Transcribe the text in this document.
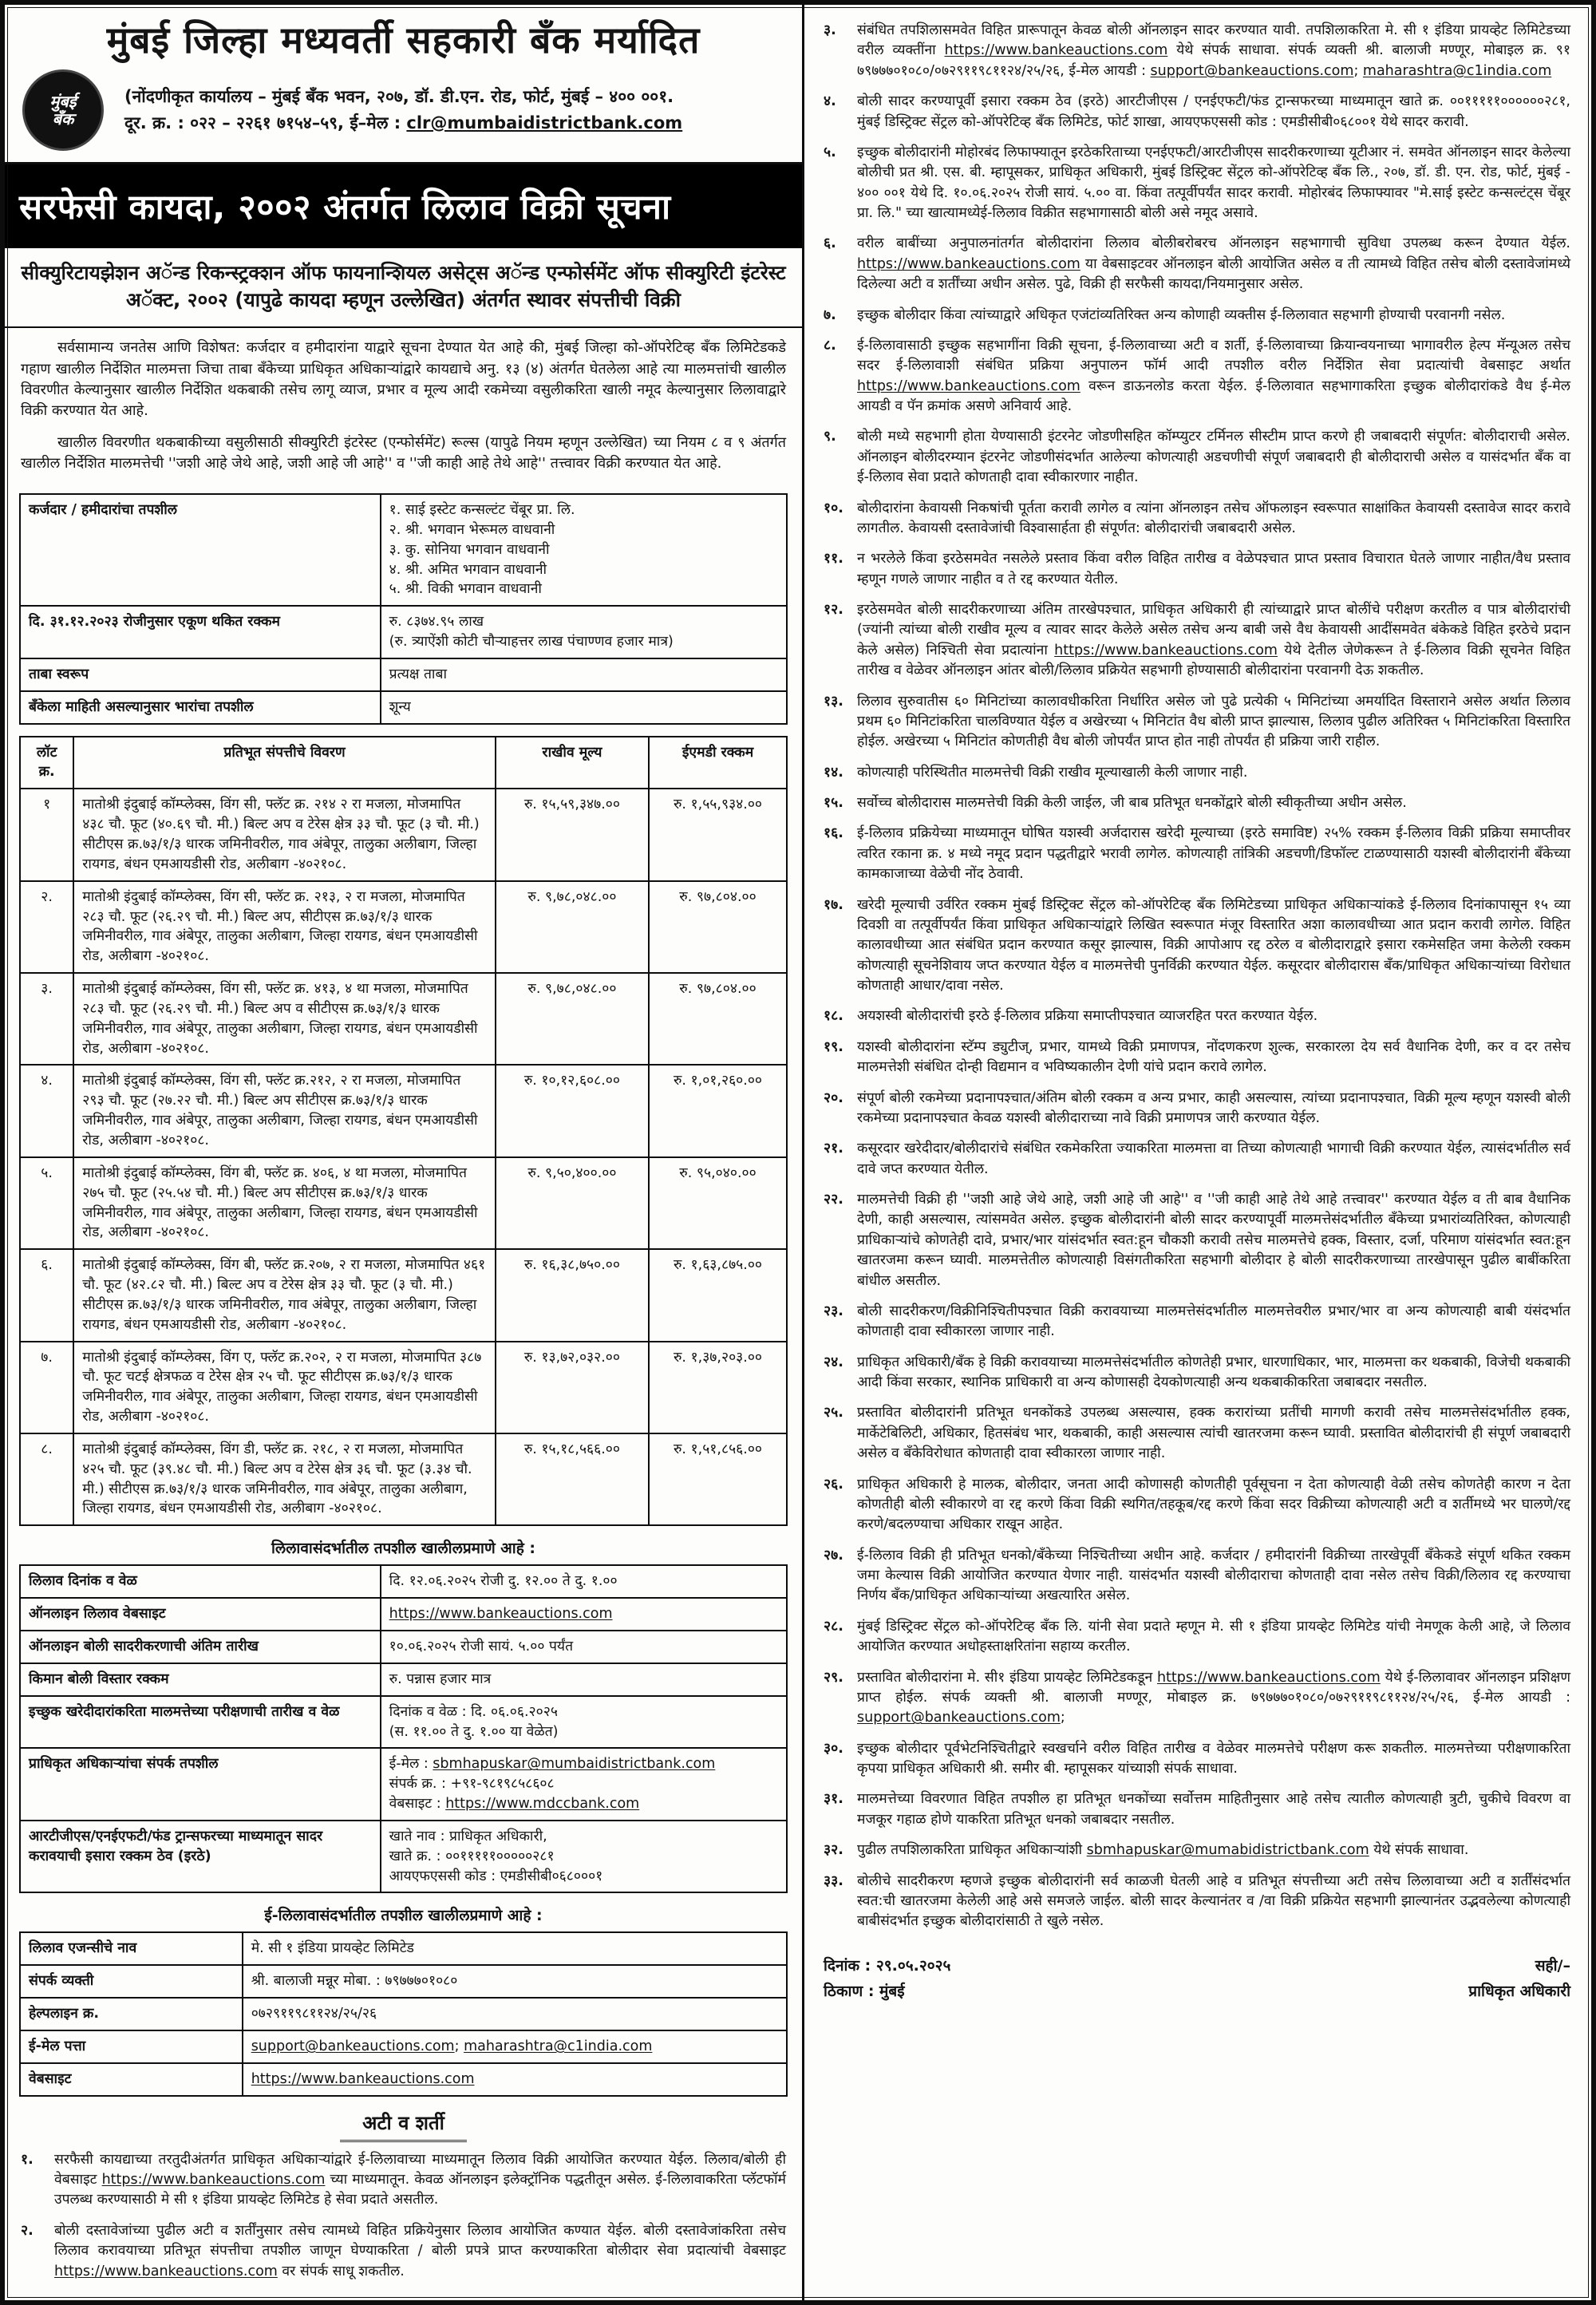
मुंबई जिल्हा मध्यवर्ती सहकारी बँक मर्यादित
मुंबई
बँक
(नोंदणीकृत कार्यालय – मुंबई बँक भवन, २०७, डॉ. डी.एन. रोड, फोर्ट, मुंबई – ४०० ००१.
दूर. क्र. : ०२२ – २२६१ ७१५४–५९, ई–मेल : clr@mumbaidistrictbank.com
सरफेसी कायदा, २००२ अंतर्गत लिलाव विक्री सूचना
सीक्युरिटायझेशन अॅन्ड रिकन्स्ट्रक्शन ऑफ फायनान्शियल असेट्स अॅन्ड एन्फोर्समेंट ऑफ सीक्युरिटी इंटरेस्ट अॅक्ट, २००२ (यापुढे कायदा म्हणून उल्लेखित) अंतर्गत स्थावर संपत्तीची विक्री

सर्वसामान्य जनतेस आणि विशेषत: कर्जदार व हमीदारांना याद्वारे सूचना देण्यात येत आहे की, मुंबई जिल्हा को-ऑपरेटिव्ह बँक लिमिटेडकडे गहाण खालील निर्देशित मालमत्ता जिचा ताबा बँकेच्या प्राधिकृत अधिकाऱ्यांद्वारे कायद्याचे अनु. १३ (४) अंतर्गत घेतलेला आहे त्या मालमत्तांची खालील विवरणीत केल्यानुसार खालील निर्देशित थकबाकी तसेच लागू व्याज, प्रभार व मूल्य आदी रकमेच्या वसुलीकरिता खाली नमूद केल्यानुसार लिलावाद्वारे विक्री करण्यात येत आहे.

खालील विवरणीत थकबाकीच्या वसुलीसाठी सीक्युरिटी इंटरेस्ट (एन्फोर्समेंट) रूल्स (यापुढे नियम म्हणून उल्लेखित) च्या नियम ८ व ९ अंतर्गत खालील निर्देशित मालमत्तेची ''जशी आहे जेथे आहे, जशी आहे जी आहे'' व ''जी काही आहे तेथे आहे'' तत्त्वावर विक्री करण्यात येत आहे.

कर्जदार / हमीदारांचा तपशील	१. साई इस्टेट कन्सल्टंट चेंबूर प्रा. लि.
२. श्री. भगवान भेरूमल वाधवानी
३. कु. सोनिया भगवान वाधवानी
४. श्री. अमित भगवान वाधवानी
५. श्री. विकी भगवान वाधवानी
दि. ३१.१२.२०२३ रोजीनुसार एकूण थकित रक्कम	रु. ८३७४.९५ लाख
(रु. त्र्याऐंशी कोटी चौऱ्याहत्तर लाख पंचाण्णव हजार मात्र)
ताबा स्वरूप	प्रत्यक्ष ताबा
बँकेला माहिती असल्यानुसार भारांचा तपशील	शून्य
लॉट क्र.	प्रतिभूत संपत्तीचे विवरण	राखीव मूल्य	ईएमडी रक्कम
१	मातोश्री इंदुबाई कॉम्प्लेक्स, विंग सी, फ्लॅट क्र. २१४ २ रा मजला, मोजमापित ४३८ चौ. फूट (४०.६९ चौ. मी.) बिल्ट अप व टेरेस क्षेत्र ३३ चौ. फूट (३ चौ. मी.) सीटीएस क्र.७३/१/३ धारक जमिनीवरील, गाव अंबेपूर, तालुका अलीबाग, जिल्हा रायगड, बंधन एमआयडीसी रोड, अलीबाग -४०२१०८.	रु. १५,५९,३४७.००	रु. १,५५,९३४.००
२.	मातोश्री इंदुबाई कॉम्प्लेक्स, विंग सी, फ्लॅट क्र. २१३, २ रा मजला, मोजमापित २८३ चौ. फूट (२६.२९ चौ. मी.) बिल्ट अप, सीटीएस क्र.७३/१/३ धारक जमिनीवरील, गाव अंबेपूर, तालुका अलीबाग, जिल्हा रायगड, बंधन एमआयडीसी रोड, अलीबाग -४०२१०८.	रु. ९,७८,०४८.००	रु. ९७,८०४.००
३.	मातोश्री इंदुबाई कॉम्प्लेक्स, विंग सी, फ्लॅट क्र. ४१३, ४ था मजला, मोजमापित २८३ चौ. फूट (२६.२९ चौ. मी.) बिल्ट अप व सीटीएस क्र.७३/१/३ धारक जमिनीवरील, गाव अंबेपूर, तालुका अलीबाग, जिल्हा रायगड, बंधन एमआयडीसी रोड, अलीबाग -४०२१०८.	रु. ९,७८,०४८.००	रु. ९७,८०४.००
४.	मातोश्री इंदुबाई कॉम्प्लेक्स, विंग सी, फ्लॅट क्र.२१२, २ रा मजला, मोजमापित २९३ चौ. फूट (२७.२२ चौ. मी.) बिल्ट अप सीटीएस क्र.७३/१/३ धारक जमिनीवरील, गाव अंबेपूर, तालुका अलीबाग, जिल्हा रायगड, बंधन एमआयडीसी रोड, अलीबाग -४०२१०८.	रु. १०,१२,६०८.००	रु. १,०१,२६०.००
५.	मातोश्री इंदुबाई कॉम्प्लेक्स, विंग बी, फ्लॅट क्र. ४०६, ४ था मजला, मोजमापित २७५ चौ. फूट (२५.५४ चौ. मी.) बिल्ट अप सीटीएस क्र.७३/१/३ धारक जमिनीवरील, गाव अंबेपूर, तालुका अलीबाग, जिल्हा रायगड, बंधन एमआयडीसी रोड, अलीबाग -४०२१०८.	रु. ९,५०,४००.००	रु. ९५,०४०.००
६.	मातोश्री इंदुबाई कॉम्प्लेक्स, विंग बी, फ्लॅट क्र.२०७, २ रा मजला, मोजमापित ४६१ चौ. फूट (४२.८२ चौ. मी.) बिल्ट अप व टेरेस क्षेत्र ३३ चौ. फूट (३ चौ. मी.) सीटीएस क्र.७३/१/३ धारक जमिनीवरील, गाव अंबेपूर, तालुका अलीबाग, जिल्हा रायगड, बंधन एमआयडीसी रोड, अलीबाग -४०२१०८.	रु. १६,३८,७५०.००	रु. १,६३,८७५.००
७.	मातोश्री इंदुबाई कॉम्प्लेक्स, विंग ए, फ्लॅट क्र.२०२, २ रा मजला, मोजमापित ३८७ चौ. फूट चटई क्षेत्रफळ व टेरेस क्षेत्र २५ चौ. फूट सीटीएस क्र.७३/१/३ धारक जमिनीवरील, गाव अंबेपूर, तालुका अलीबाग, जिल्हा रायगड, बंधन एमआयडीसी रोड, अलीबाग -४०२१०८.	रु. १३,७२,०३२.००	रु. १,३७,२०३.००
८.	मातोश्री इंदुबाई कॉम्प्लेक्स, विंग डी, फ्लॅट क्र. २१८, २ रा मजला, मोजमापित ४२५ चौ. फूट (३९.४८ चौ. मी.) बिल्ट अप व टेरेस क्षेत्र ३६ चौ. फूट (३.३४ चौ. मी.) सीटीएस क्र.७३/१/३ धारक जमिनीवरील, गाव अंबेपूर, तालुका अलीबाग, जिल्हा रायगड, बंधन एमआयडीसी रोड, अलीबाग -४०२१०८.	रु. १५,१८,५६६.००	रु. १,५१,८५६.००
लिलावासंदर्भातील तपशील खालीलप्रमाणे आहे :
लिलाव दिनांक व वेळ	दि. १२.०६.२०२५ रोजी दु. १२.०० ते दु. १.००
ऑनलाइन लिलाव वेबसाइट	https://www.bankeauctions.com
ऑनलाइन बोली सादरीकरणाची अंतिम तारीख	१०.०६.२०२५ रोजी सायं. ५.०० पर्यंत
किमान बोली विस्तार रक्कम	रु. पन्नास हजार मात्र
इच्छुक खरेदीदारांकरिता मालमत्तेच्या परीक्षणाची तारीख व वेळ	दिनांक व वेळ : दि. ०६.०६.२०२५
(स. ११.०० ते दु. १.०० या वेळेत)
प्राधिकृत अधिकाऱ्यांचा संपर्क तपशील	ई-मेल : sbmhapuskar@mumbaidistrictbank.com
संपर्क क्र. : +९१-९८१९८५८६०८
वेबसाइट : https://www.mdccbank.com
आरटीजीएस/एनईएफटी/फंड ट्रान्सफरच्या माध्यमातून सादर करावयाची इसारा रक्कम ठेव (इरठे)	खाते नाव : प्राधिकृत अधिकारी,
खाते क्र. : ००१११११०००००२८१
आयएफएससी कोड : एमडीसीबी०६८०००१
ई-लिलावासंदर्भातील तपशील खालीलप्रमाणे आहे :
लिलाव एजन्सीचे नाव	मे. सी १ इंडिया प्रायव्हेट लिमिटेड
संपर्क व्यक्ती	श्री. बालाजी मन्नूर मोबा. : ७९७७७०१०८०
हेल्पलाइन क्र.	०७२९११९८११२४/२५/२६
ई-मेल पत्ता	support@bankeauctions.com; maharashtra@c1india.com
वेबसाइट	https://www.bankeauctions.com
अटी व शर्ती
१.	सरफैसी कायद्याच्या तरतुदीअंतर्गत प्राधिकृत अधिकाऱ्यांद्वारे ई-लिलावाच्या माध्यमातून लिलाव विक्री आयोजित करण्यात येईल. लिलाव/बोली ही वेबसाइट https://www.bankeauctions.com च्या माध्यमातून. केवळ ऑनलाइन इलेक्ट्रॉनिक पद्धतीतून असेल. ई-लिलावाकरिता प्लॅटफॉर्म उपलब्ध करण्यासाठी मे सी १ इंडिया प्रायव्हेट लिमिटेड हे सेवा प्रदाते असतील.
२.	बोली दस्तावेजांच्या पुढील अटी व शर्तींनुसार तसेच त्यामध्ये विहित प्रक्रियेनुसार लिलाव आयोजित कण्यात येईल. बोली दस्तावेजांकरिता तसेच लिलाव करावयाच्या प्रतिभूत संपत्तीचा तपशील जाणून घेण्याकरिता / बोली प्रपत्रे प्राप्त करण्याकरिता बोलीदार सेवा प्रदात्यांची वेबसाइट https://www.bankeauctions.com वर संपर्क साधू शकतील.
३.	संबंधित तपशिलासमवेत विहित प्रारूपातून केवळ बोली ऑनलाइन सादर करण्यात यावी. तपशिलाकरिता मे. सी १ इंडिया प्रायव्हेट लिमिटेडच्या वरील व्यक्तींना https://www.bankeauctions.com येथे संपर्क साधावा. संपर्क व्यक्ती श्री. बालाजी मण्णूर, मोबाइल क्र. ९१ ७९७७७०१०८०/०७२९११९८११२४/२५/२६, ई-मेल आयडी : support@bankeauctions.com; maharashtra@c1india.com
४.	बोली सादर करण्यापूर्वी इसारा रक्कम ठेव (इरठे) आरटीजीएस / एनईएफटी/फंड ट्रान्सफरच्या माध्यमातून खाते क्र. ००१११११००००००२८१, मुंबई डिस्ट्रिक्ट सेंट्रल को-ऑपरेटिव्ह बँक लिमिटेड, फोर्ट शाखा, आयएफएससी कोड : एमडीसीबी०६८००१ येथे सादर करावी.
५.	इच्छुक बोलीदारांनी मोहोरबंद लिफाफ्यातून इरठेकरिताच्या एनईएफटी/आरटीजीएस सादरीकरणाच्या यूटीआर नं. समवेत ऑनलाइन सादर केलेल्या बोलीची प्रत श्री. एस. बी. म्हापूसकर, प्राधिकृत अधिकारी, मुंबई डिस्ट्रिक्ट सेंट्रल को-ऑपरेटिव्ह बँक लि., २०७, डॉ. डी. एन. रोड, फोर्ट, मुंबई - ४०० ००१ येथे दि. १०.०६.२०२५ रोजी सायं. ५.०० वा. किंवा तत्पूर्वीपर्यंत सादर करावी. मोहोरबंद लिफाफ्यावर "मे.साई इस्टेट कन्सल्टंट्स चेंबूर प्रा. लि." च्या खात्यामध्येई-लिलाव विक्रीत सहभागासाठी बोली असे नमूद असावे.
६.	वरील बाबींच्या अनुपालनांतर्गत बोलीदारांना लिलाव बोलीबरोबरच ऑनलाइन सहभागाची सुविधा उपलब्ध करून देण्यात येईल. https://www.bankeauctions.com या वेबसाइटवर ऑनलाइन बोली आयोजित असेल व ती त्यामध्ये विहित तसेच बोली दस्तावेजांमध्ये दिलेल्या अटी व शर्तींच्या अधीन असेल. पुढे, विक्री ही सरफैसी कायदा/नियमानुसार असेल.
७.	इच्छुक बोलीदार किंवा त्यांच्याद्वारे अधिकृत एजंटांव्यतिरिक्त अन्य कोणाही व्यक्तीस ई-लिलावात सहभागी होण्याची परवानगी नसेल.
८.	ई-लिलावासाठी इच्छुक सहभागींना विक्री सूचना, ई-लिलावाच्या अटी व शर्ती, ई-लिलावाच्या क्रियान्वयनाच्या भागावरील हेल्प मॅन्यूअल तसेच सदर ई-लिलावाशी संबंधित प्रक्रिया अनुपालन फॉर्म आदी तपशील वरील निर्देशित सेवा प्रदात्यांची वेबसाइट अर्थात https://www.bankeauctions.com वरून डाऊनलोड करता येईल. ई-लिलावात सहभागाकरिता इच्छुक बोलीदारांकडे वैध ई-मेल आयडी व पॅन क्रमांक असणे अनिवार्य आहे.
९.	बोली मध्ये सहभागी होता येण्यासाठी इंटरनेट जोडणीसहित कॉम्प्युटर टर्मिनल सीस्टीम प्राप्त करणे ही जबाबदारी संपूर्णत: बोलीदाराची असेल. ऑनलाइन बोलीदरम्यान इंटरनेट जोडणीसंदर्भात आलेल्या कोणत्याही अडचणीची संपूर्ण जबाबदारी ही बोलीदाराची असेल व यासंदर्भात बँक वा ई-लिलाव सेवा प्रदाते कोणताही दावा स्वीकारणार नाहीत.
१०. बोलीदारांना केवायसी निकषांची पूर्तता करावी लागेल व त्यांना ऑनलाइन तसेच ऑफलाइन स्वरूपात साक्षांकित केवायसी दस्तावेज सादर करावे लागतील. केवायसी दस्तावेजांची विश्वासार्हता ही संपूर्णत: बोलीदारांची जबाबदारी असेल.
११. न भरलेले किंवा इरठेसमवेत नसलेले प्रस्ताव किंवा वरील विहित तारीख व वेळेपश्चात प्राप्त प्रस्ताव विचारात घेतले जाणार नाहीत/वैध प्रस्ताव म्हणून गणले जाणार नाहीत व ते रद्द करण्यात येतील.
१२. इरठेसमवेत बोली सादरीकरणाच्या अंतिम तारखेपश्चात, प्राधिकृत अधिकारी ही त्यांच्याद्वारे प्राप्त बोलींचे परीक्षण करतील व पात्र बोलीदारांची (ज्यांनी त्यांच्या बोली राखीव मूल्य व त्यावर सादर केलेले असेल तसेच अन्य बाबी जसे वैध केवायसी आदींसमवेत बंकेकडे विहित इरठेचे प्रदान केले असेल) निश्चिती सेवा प्रदात्यांना https://www.bankeauctions.com येथे देतील जेणेकरून ते ई-लिलाव विक्री सूचनेत विहित तारीख व वेळेवर ऑनलाइन आंतर बोली/लिलाव प्रक्रियेत सहभागी होण्यासाठी बोलीदारांना परवानगी देऊ शकतील.
१३. लिलाव सुरुवातीस ६० मिनिटांच्या कालावधीकरिता निर्धारित असेल जो पुढे प्रत्येकी ५ मिनिटांच्या अमर्यादित विस्ताराने असेल अर्थात लिलाव प्रथम ६० मिनिटांकरिता चालविण्यात येईल व अखेरच्या ५ मिनिटांत वैध बोली प्राप्त झाल्यास, लिलाव पुढील अतिरिक्त ५ मिनिटांकरिता विस्तारित होईल. अखेरच्या ५ मिनिटांत कोणतीही वैध बोली जोपर्यंत प्राप्त होत नाही तोपर्यंत ही प्रक्रिया जारी राहील.
१४. कोणत्याही परिस्थितीत मालमत्तेची विक्री राखीव मूल्याखाली केली जाणार नाही.
१५. सर्वोच्च बोलीदारास मालमत्तेची विक्री केली जाईल, जी बाब प्रतिभूत धनकोंद्वारे बोली स्वीकृतीच्या अधीन असेल.
१६. ई-लिलाव प्रक्रियेच्या माध्यमातून घोषित यशस्वी अर्जदारास खरेदी मूल्याच्या (इरठे समाविष्ट) २५% रक्कम ई-लिलाव विक्री प्रक्रिया समाप्तीवर त्वरित रकाना क्र. ४ मध्ये नमूद प्रदान पद्धतीद्वारे भरावी लागेल. कोणत्याही तांत्रिकी अडचणी/डिफॉल्ट टाळण्यासाठी यशस्वी बोलीदारांनी बँकेच्या कामकाजाच्या वेळेची नोंद ठेवावी.
१७. खरेदी मूल्याची उर्वरित रक्कम मुंबई डिस्ट्रिक्ट सेंट्रल को-ऑपरेटिव्ह बँक लिमिटेडच्या प्राधिकृत अधिकाऱ्यांकडे ई-लिलाव दिनांकापासून १५ व्या दिवशी वा तत्पूर्वीपर्यंत किंवा प्राधिकृत अधिकाऱ्यांद्वारे लिखित स्वरूपात मंजूर विस्तारित अशा कालावधीच्या आत प्रदान करावी लागेल. विहित कालावधीच्या आत संबंधित प्रदान करण्यात कसूर झाल्यास, विक्री आपोआप रद्द ठरेल व बोलीदाराद्वारे इसारा रकमेसहित जमा केलेली रक्कम कोणत्याही सूचनेशिवाय जप्त करण्यात येईल व मालमत्तेची पुनर्विक्री करण्यात येईल. कसूरदार बोलीदारास बँक/प्राधिकृत अधिकाऱ्यांच्या विरोधात कोणताही आधार/दावा नसेल.
१८. अयशस्वी बोलीदारांची इरठे ई-लिलाव प्रक्रिया समाप्तीपश्चात व्याजरहित परत करण्यात येईल.
१९. यशस्वी बोलीदारांना स्टॅम्प ड्युटीज्, प्रभार, यामध्ये विक्री प्रमाणपत्र, नोंदणकरण शुल्क, सरकारला देय सर्व वैधानिक देणी, कर व दर तसेच मालमत्तेशी संबंधित दोन्ही विद्यमान व भविष्यकालीन देणी यांचे प्रदान करावे लागेल.
२०. संपूर्ण बोली रकमेच्या प्रदानापश्चात/अंतिम बोली रक्कम व अन्य प्रभार, काही असल्यास, त्यांच्या प्रदानापश्चात, विक्री मूल्य म्हणून यशस्वी बोली रकमेच्या प्रदानापश्चात केवळ यशस्वी बोलीदाराच्या नावे विक्री प्रमाणपत्र जारी करण्यात येईल.
२१. कसूरदार खरेदीदार/बोलीदारांचे संबंधित रकमेकरिता ज्याकरिता मालमत्ता वा तिच्या कोणत्याही भागाची विक्री करण्यात येईल, त्यासंदर्भातील सर्व दावे जप्त करण्यात येतील.
२२. मालमत्तेची विक्री ही ''जशी आहे जेथे आहे, जशी आहे जी आहे'' व ''जी काही आहे तेथे आहे तत्त्वावर'' करण्यात येईल व ती बाब वैधानिक देणी, काही असल्यास, त्यांसमवेत असेल. इच्छुक बोलीदारांनी बोली सादर करण्यापूर्वी मालमत्तेसंदर्भातील बँकेच्या प्रभारांव्यतिरिक्त, कोणत्याही प्राधिकाऱ्यांचे कोणतेही दावे, प्रभार/भार यांसंदर्भात स्वत:हून चौकशी करावी तसेच मालमत्तेचे हक्क, विस्तार, दर्जा, परिमाण यांसंदर्भात स्वत:हून खातरजमा करून घ्यावी. मालमत्तेतील कोणत्याही विसंगतीकरिता सहभागी बोलीदार हे बोली सादरीकरणाच्या तारखेपासून पुढील बाबींकरिता बांधील असतील.
२३. बोली सादरीकरण/विक्रीनिश्चितीपश्चात विक्री करावयाच्या मालमत्तेसंदर्भातील मालमत्तेवरील प्रभार/भार वा अन्य कोणत्याही बाबी यंसंदर्भात कोणताही दावा स्वीकारला जाणार नाही.
२४. प्राधिकृत अधिकारी/बँक हे विक्री करावयाच्या मालमत्तेसंदर्भातील कोणतेही प्रभार, धारणाधिकार, भार, मालमत्ता कर थकबाकी, विजेची थकबाकी आदी किंवा सरकार, स्थानिक प्राधिकारी वा अन्य कोणासही देयकोणत्याही अन्य थकबाकीकरिता जबाबदार नसतील.
२५. प्रस्तावित बोलीदारांनी प्रतिभूत धनकोंकडे उपलब्ध असल्यास, हक्क करारांच्या प्रतींची मागणी करावी तसेच मालमत्तेसंदर्भातील हक्क, मार्केटेबिलिटी, अधिकार, हितसंबंध भार, थकबाकी, काही असल्यास त्यांची खातरजमा करून घ्यावी. प्रस्तावित बोलीदारांची ही संपूर्ण जबाबदारी असेल व बँकेविरोधात कोणताही दावा स्वीकारला जाणार नाही.
२६. प्राधिकृत अधिकारी हे मालक, बोलीदार, जनता आदी कोणासही कोणतीही पूर्वसूचना न देता कोणत्याही वेळी तसेच कोणतेही कारण न देता कोणतीही बोली स्वीकारणे वा रद्द करणे किंवा विक्री स्थगित/तहकूब/रद्द करणे किंवा सदर विक्रीच्या कोणत्याही अटी व शर्तीमध्ये भर घालणे/रद्द करणे/बदलण्याचा अधिकार राखून आहेत.
२७. ई-लिलाव विक्री ही प्रतिभूत धनको/बँकेच्या निश्चितीच्या अधीन आहे. कर्जदार / हमीदारांनी विक्रीच्या तारखेपूर्वी बँकेकडे संपूर्ण थकित रक्कम जमा केल्यास विक्री आयोजित करण्यात येणार नाही. यासंदर्भात यशस्वी बोलीदाराचा कोणताही दावा नसेल तसेच विक्री/लिलाव रद्द करण्याचा निर्णय बँक/प्राधिकृत अधिकाऱ्यांच्या अखत्यारित असेल.
२८. मुंबई डिस्ट्रिक्ट सेंट्रल को-ऑपरेटिव्ह बँक लि. यांनी सेवा प्रदाते म्हणून मे. सी १ इंडिया प्रायव्हेट लिमिटेड यांची नेमणूक केली आहे, जे लिलाव आयोजित करण्यात अधोहस्ताक्षरितांना सहाय्य करतील.
२९. प्रस्तावित बोलीदारांना मे. सी१ इंडिया प्रायव्हेट लिमिटेडकडून https://www.bankeauctions.com येथे ई-लिलावावर ऑनलाइन प्रशिक्षण प्राप्त होईल. संपर्क व्यक्ती श्री. बालाजी मण्णूर, मोबाइल क्र. ७९७७७०१०८०/०७२९११९८११२४/२५/२६, ई-मेल आयडी : support@bankeauctions.com;
३०. इच्छुक बोलीदार पूर्वभेटनिश्चितीद्वारे स्वखर्चाने वरील विहित तारीख व वेळेवर मालमत्तेचे परीक्षण करू शकतील. मालमत्तेच्या परीक्षणाकरिता कृपया प्राधिकृत अधिकारी श्री. समीर बी. म्हापूसकर यांच्याशी संपर्क साधावा.
३१. मालमत्तेच्या विवरणात विहित तपशील हा प्रतिभूत धनकोंच्या सर्वोत्तम माहितीनुसार आहे तसेच त्यातील कोणत्याही त्रुटी, चुकीचे विवरण वा मजकूर गहाळ होणे याकरिता प्रतिभूत धनको जबाबदार नसतील.
३२. पुढील तपशिलाकरिता प्राधिकृत अधिकाऱ्यांशी sbmhapuskar@mumabidistrictbank.com येथे संपर्क साधावा.
३३. बोलीचे सादरीकरण म्हणजे इच्छुक बोलीदारांनी सर्व काळजी घेतली आहे व प्रतिभूत संपत्तीच्या अटी तसेच लिलावाच्या अटी व शर्तींसंदर्भात स्वत:ची खातरजमा केलेली आहे असे समजले जाईल. बोली सादर केल्यानंतर व /वा विक्री प्रक्रियेत सहभागी झाल्यानंतर उद्भवलेल्या कोणत्याही बाबीसंदर्भात इच्छुक बोलीदारांसाठी ते खुले नसेल.
दिनांक : २९.०५.२०२५
ठिकाण : मुंबई
सही/–
प्राधिकृत अधिकारी
